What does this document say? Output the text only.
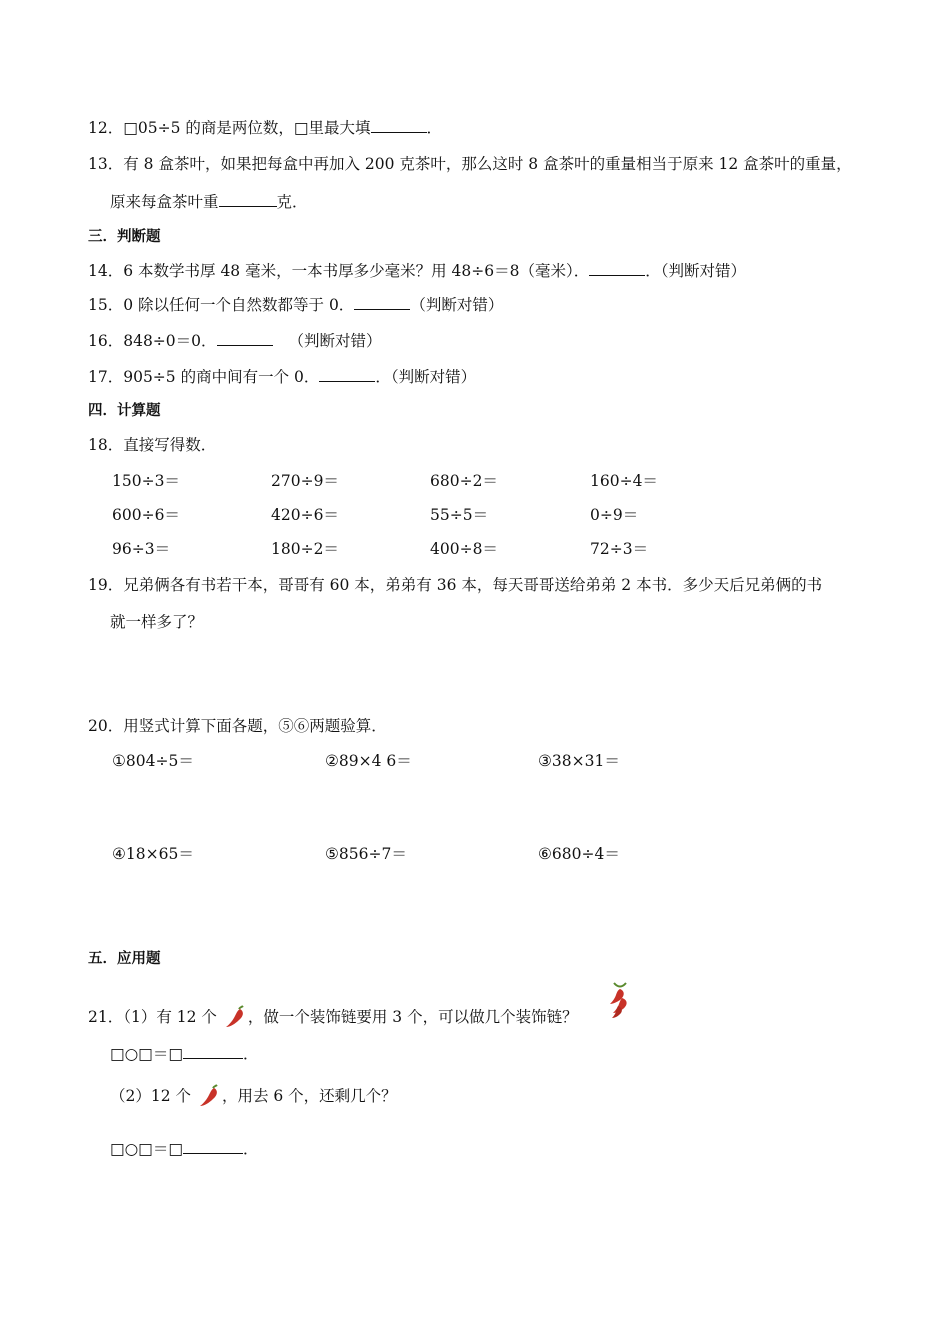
12．□05÷5 的商是两位数，□里最大填	．
13．有 8 盒茶叶，如果把每盒中再加入 200 克茶叶，那么这时 8 盒茶叶的重量相当于原来 12 盒茶叶的重量，
原来每盒茶叶重	克．
三．判断题
14．6 本数学书厚 48 毫米，一本书厚多少毫米？用 48÷6＝8（毫米）．	．（判断对错）
15．0 除以任何一个自然数都等于 0．	（判断对错）
16．848÷0＝0．	（判断对错）
17．905÷5 的商中间有一个 0．	．（判断对错）
四．计算题
18．直接写得数．
150÷3＝	270÷9＝	680÷2＝	160÷4＝
600÷6＝	420÷6＝	55÷5＝	0÷9＝
96÷3＝	180÷2＝	400÷8＝	72÷3＝
19．兄弟俩各有书若干本，哥哥有 60 本，弟弟有 36 本，每天哥哥送给弟弟 2 本书．多少天后兄弟俩的书
就一样多了？
20．用竖式计算下面各题，⑤⑥两题验算．
①804÷5＝	②89×4 6＝	③38×31＝
④18×65＝	⑤856÷7＝	⑥680÷4＝
五．应用题
21．（1）有 12 个 ，做一个装饰链要用 3 个，可以做几个装饰链？
□○□＝□	．
（2）12 个 ，用去 6 个，还剩几个？
□○□＝□	．
